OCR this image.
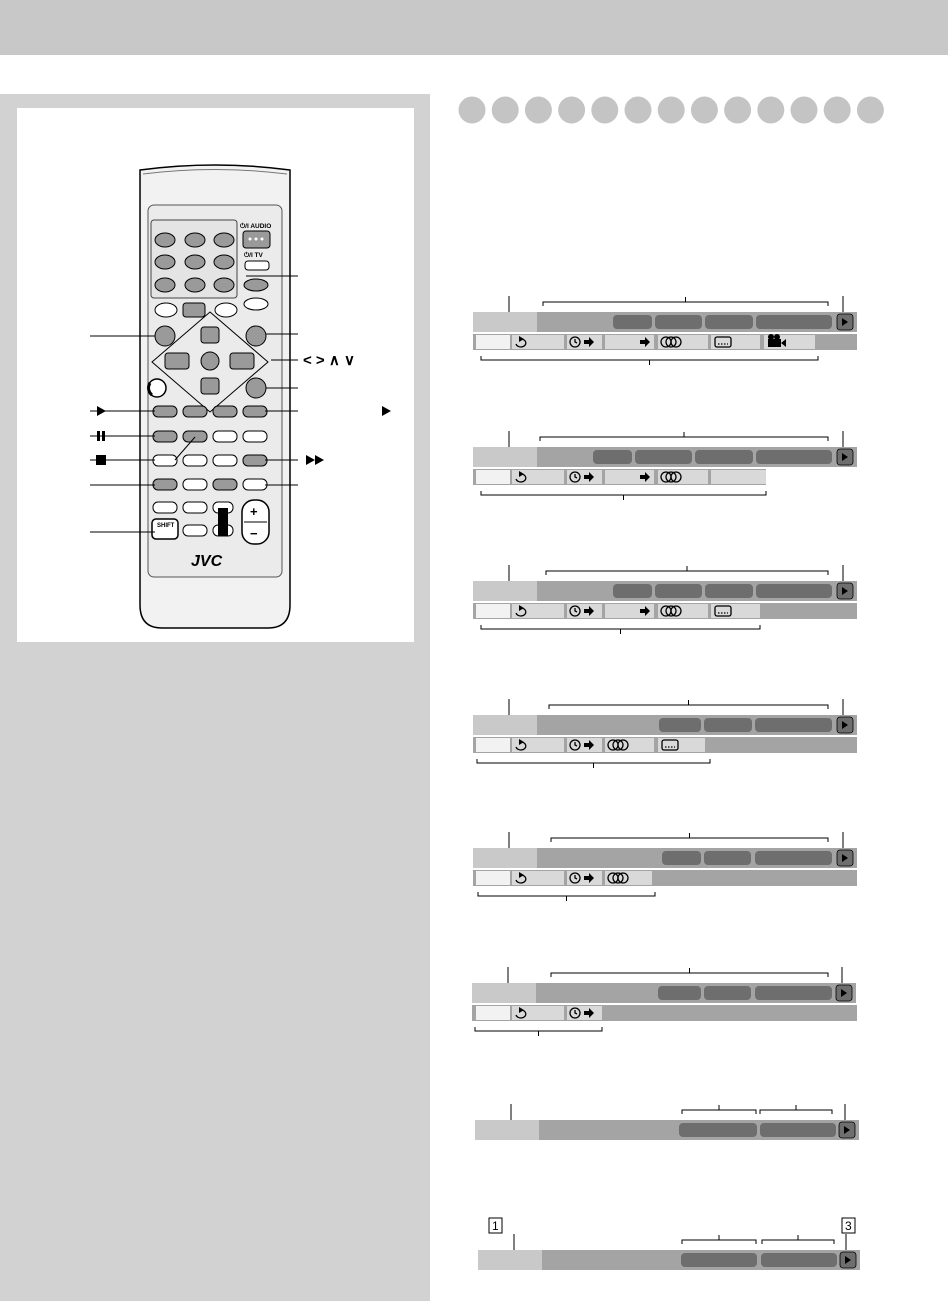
⏻/I AUDIO
⏻/I TV
SHIFT
+
−
JVC
< > ∧ ∨
1	3
